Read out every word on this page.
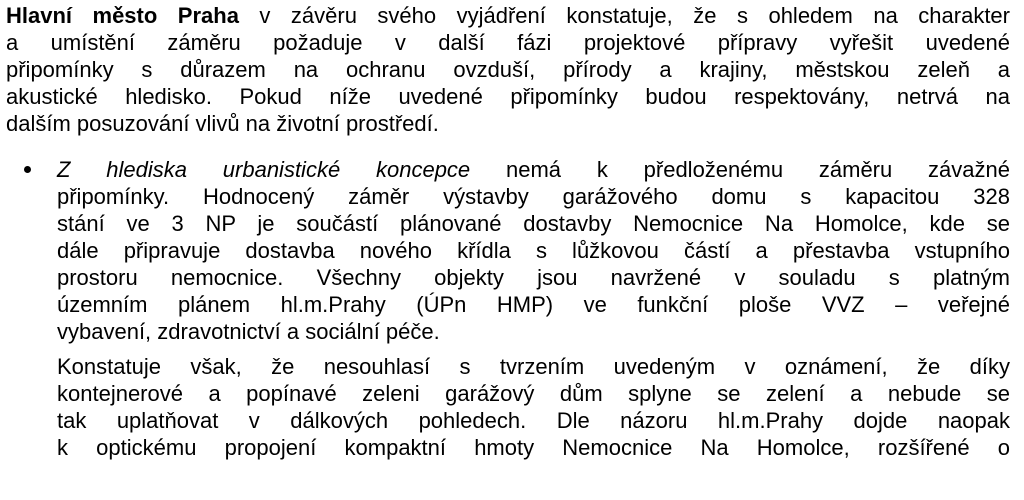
Hlavní město Praha v závěru svého vyjádření konstatuje, že s ohledem na charakter
a umístění záměru požaduje v další fázi projektové přípravy vyřešit uvedené
připomínky s důrazem na ochranu ovzduší, přírody a krajiny, městskou zeleň a
akustické hledisko. Pokud níže uvedené připomínky budou respektovány, netrvá na
dalším posuzování vlivů na životní prostředí.
Z hlediska urbanistické koncepce nemá k předloženému záměru závažné
připomínky. Hodnocený záměr výstavby garážového domu s kapacitou 328
stání ve 3 NP je součástí plánované dostavby Nemocnice Na Homolce, kde se
dále připravuje dostavba nového křídla s lůžkovou částí a přestavba vstupního
prostoru nemocnice. Všechny objekty jsou navržené v souladu s platným
územním plánem hl.m.Prahy (ÚPn HMP) ve funkční ploše VVZ – veřejné
vybavení, zdravotnictví a sociální péče.
Konstatuje však, že nesouhlasí s tvrzením uvedeným v oznámení, že díky
kontejnerové a popínavé zeleni garážový dům splyne se zelení a nebude se
tak uplatňovat v dálkových pohledech. Dle názoru hl.m.Prahy dojde naopak
k optickému propojení kompaktní hmoty Nemocnice Na Homolce, rozšířené o
